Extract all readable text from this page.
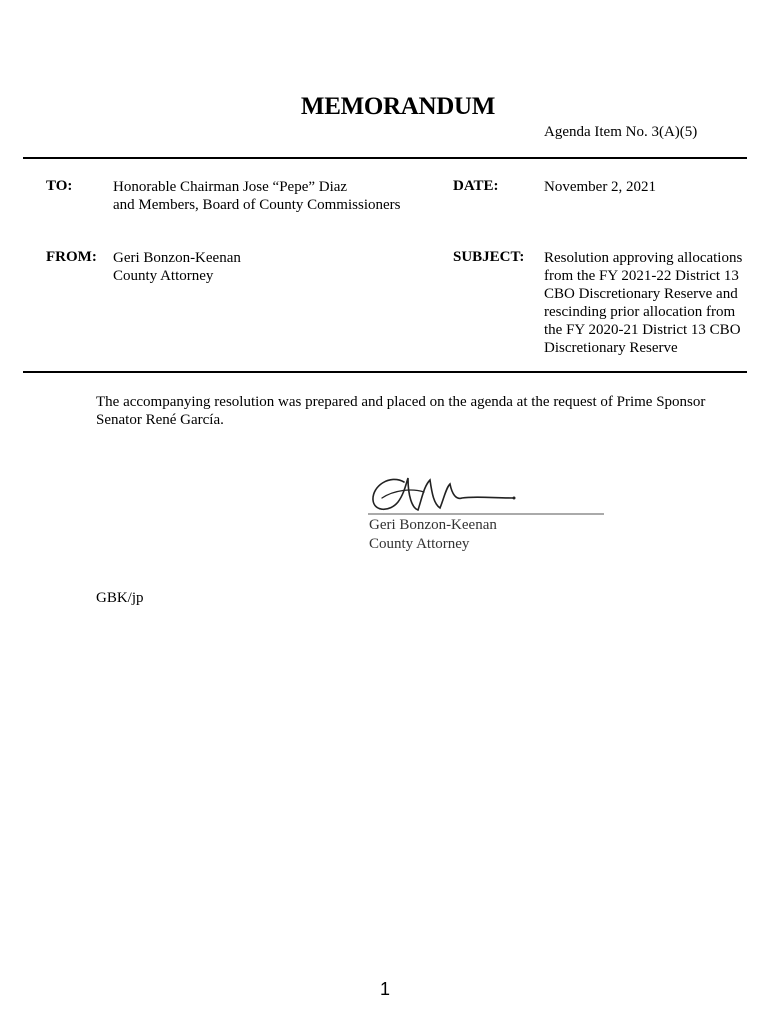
MEMORANDUM
Agenda Item No. 3(A)(5)
TO:	Honorable Chairman Jose “Pepe” Diaz
and Members, Board of County Commissioners
DATE:	November 2, 2021
FROM: Geri Bonzon-Keenan
County Attorney
SUBJECT: Resolution approving allocations
from the FY 2021-22 District 13
CBO Discretionary Reserve and
rescinding prior allocation from
the FY 2020-21 District 13 CBO
Discretionary Reserve
The accompanying resolution was prepared and placed on the agenda at the request of Prime Sponsor
Senator René García.
Geri Bonzon-Keenan
County Attorney
GBK/jp
1
